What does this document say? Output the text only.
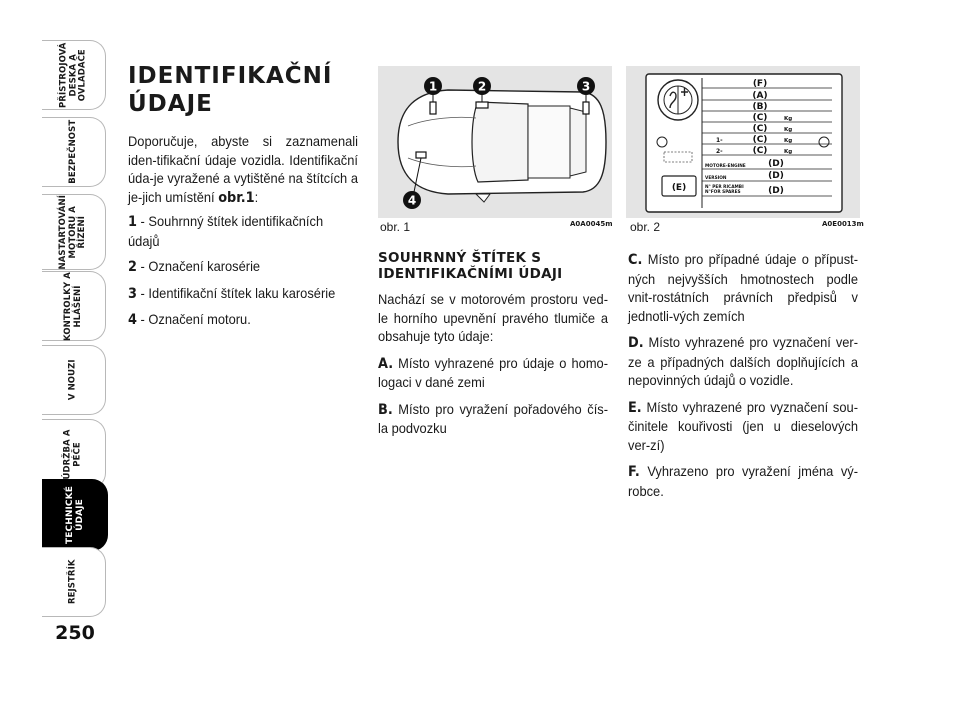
PŘÍSTROJOVÁ
DESKA A
OVLADAČE
BEZPEČNOST
NASTARTOVÁNÍ
MOTORU A
ŘÍZENÍ
KONTROLKY A
HLÁŠENÍ
V NOUZI
ÚDRŽBA A
PÉČE
TECHNICKÉ
ÚDAJE
REJSTŘÍK
250
IDENTIFIKAČNÍ
ÚDAJE

Doporučuje, abyste si zaznamenali iden-tifikační údaje vozidla. Identifikační úda-je vyražené a vytištěné na štítcích a je-jich umístění obr.1:

1 - Souhrnný štítek identifikačních údajů

2 - Označení karosérie

3 - Identifikační štítek laku karosérie

4 - Označení motoru.

1	2	3
4
obr. 1	A0A0045m
(E)
(F)
(A)
(B)
(C)	Kg
(C)	Kg
1-	(C)	Kg
2-	(C)	Kg
MOTORE-ENGINE (D)
VERSION	(D)
N° PER RICAMBI
N°FOR SPARES	(D)
obr. 2	A0E0013m
SOUHRNNÝ ŠTÍTEK S
IDENTIFIKAČNÍMI ÚDAJI

Nachází se v motorovém prostoru ved-le horního upevnění pravého tlumiče a obsahuje tyto údaje:

A. Místo vyhrazené pro údaje o homo-logaci v dané zemi

B. Místo pro vyražení pořadového čís-la podvozku

C. Místo pro případné údaje o přípust-ných nejvyšších hmotnostech podle vnit-rostátních právních předpisů v jednotli-vých zemích

D. Místo vyhrazené pro vyznačení ver-ze a případných dalších doplňujících a nepovinných údajů o vozidle.

E. Místo vyhrazené pro vyznačení sou-činitele kouřivosti (jen u dieselových ver-zí)

F. Vyhrazeno pro vyražení jména vý-robce.
